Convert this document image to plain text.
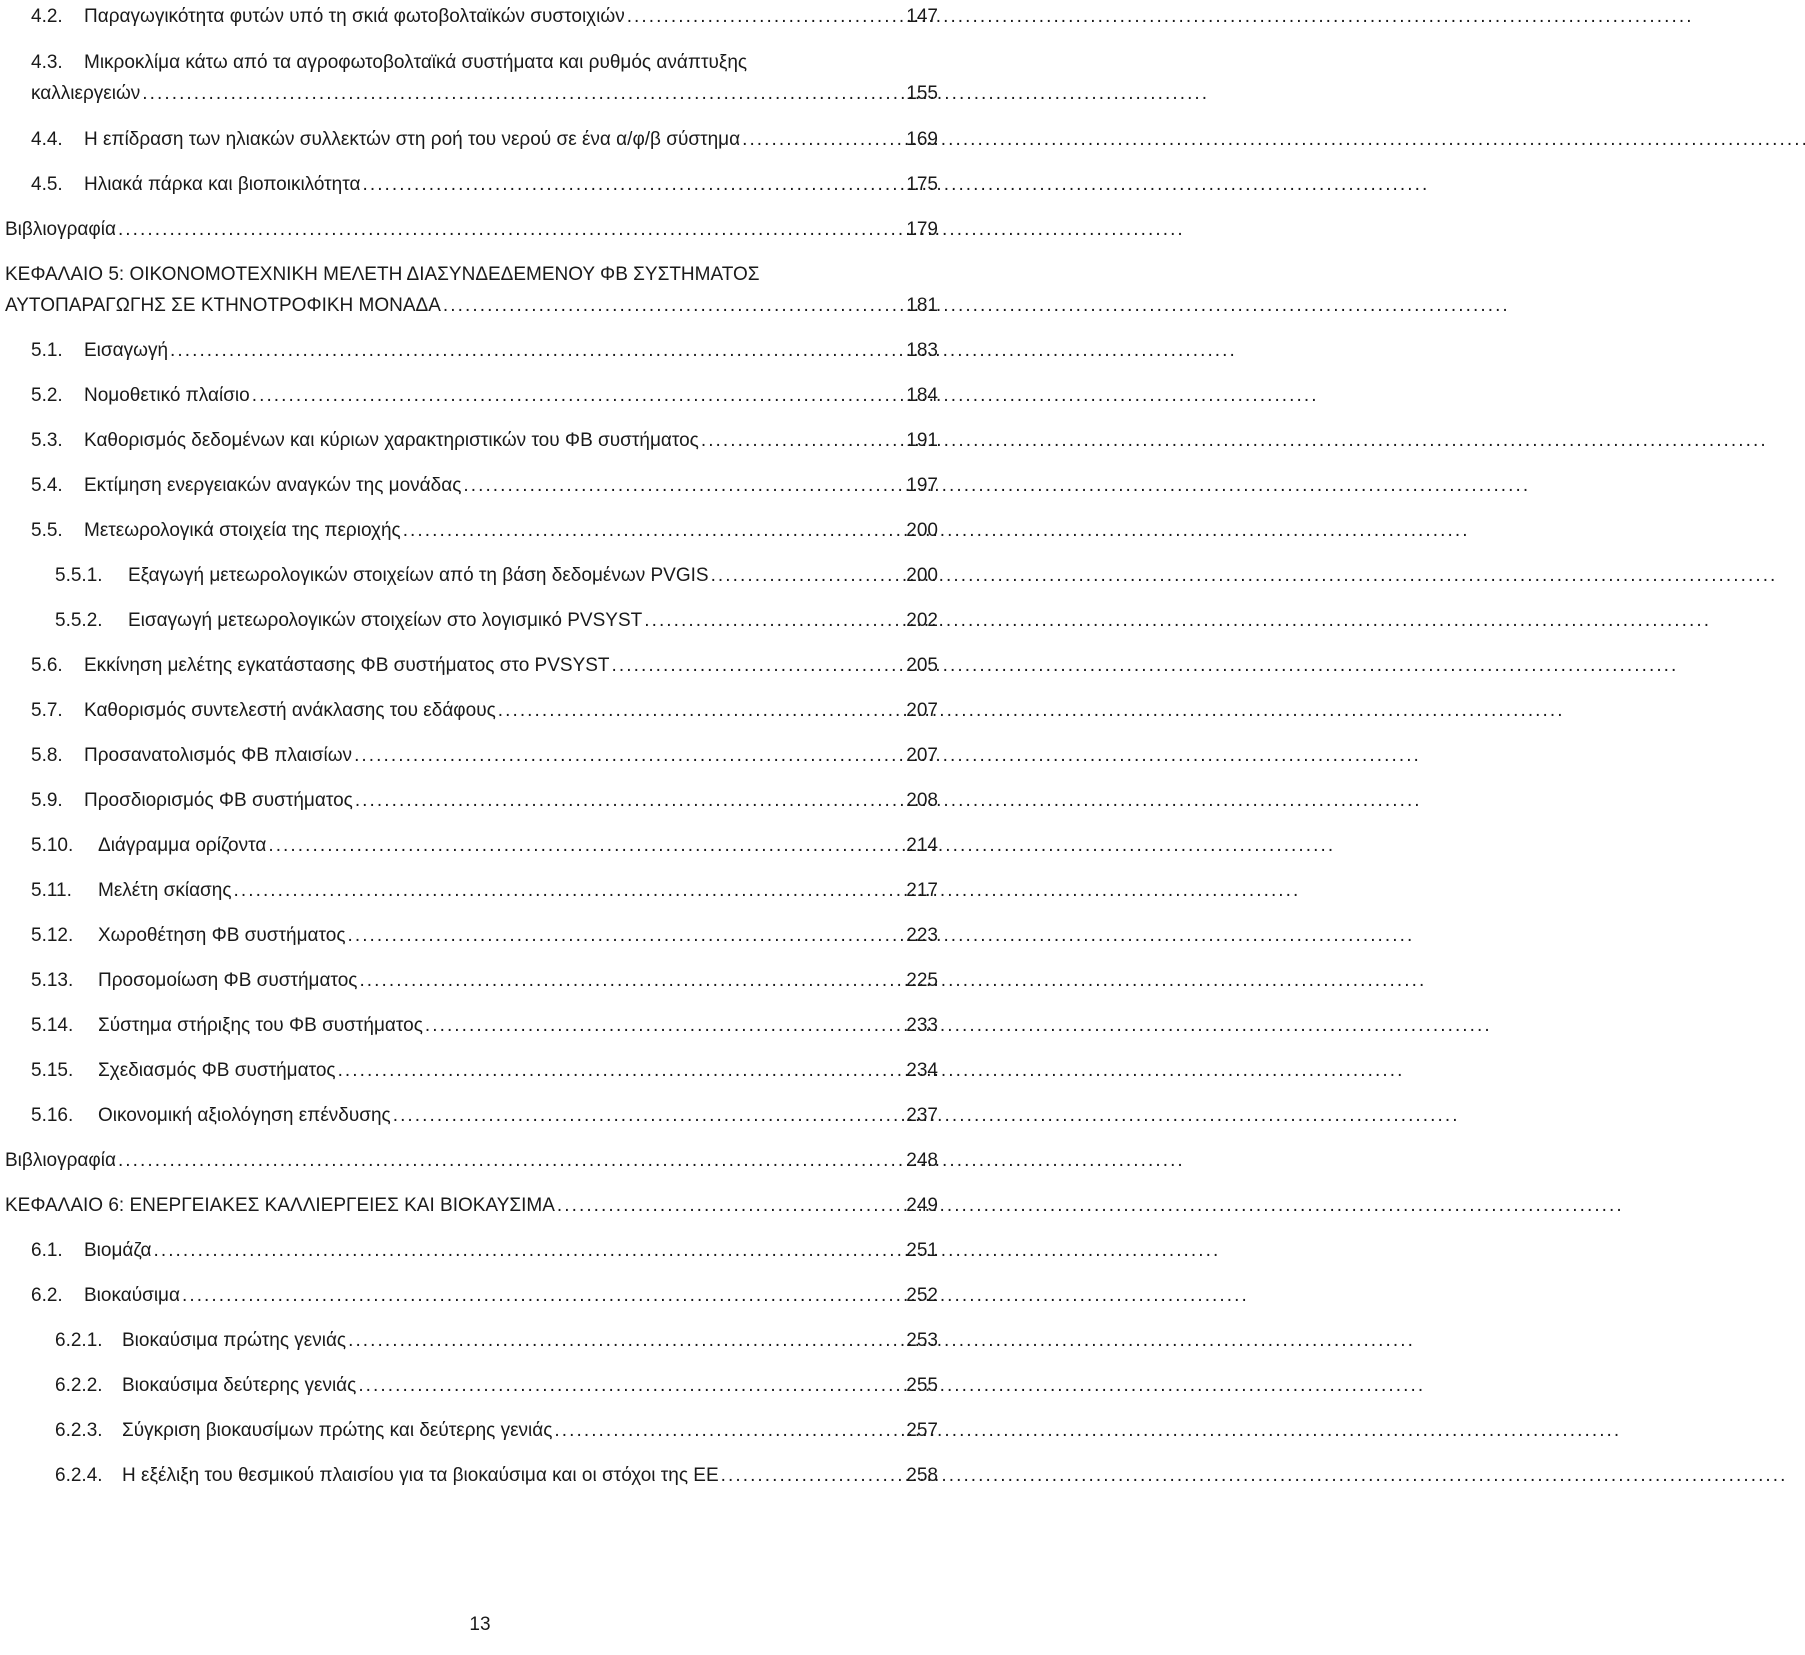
4.2. Παραγωγικότητα φυτών υπό τη σκιά φωτοβολταϊκών συστοιχιών . . .	147
4.3. Μικροκλίμα κάτω από τα αγροφωτοβολταϊκά συστήματα και ρυθμός ανάπτυξης
καλλιεργειών . . .	155
4.4. Η επίδραση των ηλιακών συλλεκτών στη ροή του νερού σε ένα α/φ/β σύστημα . . .	169
4.5. Ηλιακά πάρκα και βιοποικιλότητα . . .	175
Βιβλιογραφία . . .	179
ΚΕΦΑΛΑΙΟ 5: ΟΙΚΟΝΟΜΟΤΕΧΝΙΚΗ ΜΕΛΕΤΗ ΔΙΑΣΥΝΔΕΔΕΜΕΝΟΥ ΦΒ ΣΥΣΤΗΜΑΤΟΣ
ΑΥΤΟΠΑΡΑΓΩΓΗΣ ΣΕ ΚΤΗΝΟΤΡΟΦΙΚΗ ΜΟΝΑΔΑ . . .	181
5.1. Εισαγωγή . . .	183
5.2. Νομοθετικό πλαίσιο . . .	184
5.3. Καθορισμός δεδομένων και κύριων χαρακτηριστικών του ΦΒ συστήματος . . .	191
5.4. Εκτίμηση ενεργειακών αναγκών της μονάδας . . .	197
5.5. Μετεωρολογικά στοιχεία της περιοχής . . .	200
5.5.1. Εξαγωγή μετεωρολογικών στοιχείων από τη βάση δεδομένων PVGIS . . .	200
5.5.2. Εισαγωγή μετεωρολογικών στοιχείων στο λογισμικό PVSYST . . .	202
5.6. Εκκίνηση μελέτης εγκατάστασης ΦΒ συστήματος στο PVSYST . . .	205
5.7. Καθορισμός συντελεστή ανάκλασης του εδάφους . . .	207
5.8. Προσανατολισμός ΦΒ πλαισίων . . .	207
5.9. Προσδιορισμός ΦΒ συστήματος . . .	208
5.10. Διάγραμμα ορίζοντα . . .	214
5.11. Μελέτη σκίασης . . .	217
5.12. Χωροθέτηση ΦΒ συστήματος . . .	223
5.13. Προσομοίωση ΦΒ συστήματος . . .	225
5.14. Σύστημα στήριξης του ΦΒ συστήματος . . .	233
5.15. Σχεδιασμός ΦΒ συστήματος . . .	234
5.16. Οικονομική αξιολόγηση επένδυσης . . .	237
Βιβλιογραφία . . .	248
ΚΕΦΑΛΑΙΟ 6: ΕΝΕΡΓΕΙΑΚΕΣ ΚΑΛΛΙΕΡΓΕΙΕΣ ΚΑΙ ΒΙΟΚΑΥΣΙΜΑ . . .	249
6.1. Βιομάζα . . .	251
6.2. Βιοκαύσιμα . . .	252
6.2.1. Βιοκαύσιμα πρώτης γενιάς . . .	253
6.2.2. Βιοκαύσιμα δεύτερης γενιάς . . .	255
6.2.3. Σύγκριση βιοκαυσίμων πρώτης και δεύτερης γενιάς . . .	257
6.2.4. Η εξέλιξη του θεσμικού πλαισίου για τα βιοκαύσιμα και οι στόχοι της ΕΕ . . .	258
13
